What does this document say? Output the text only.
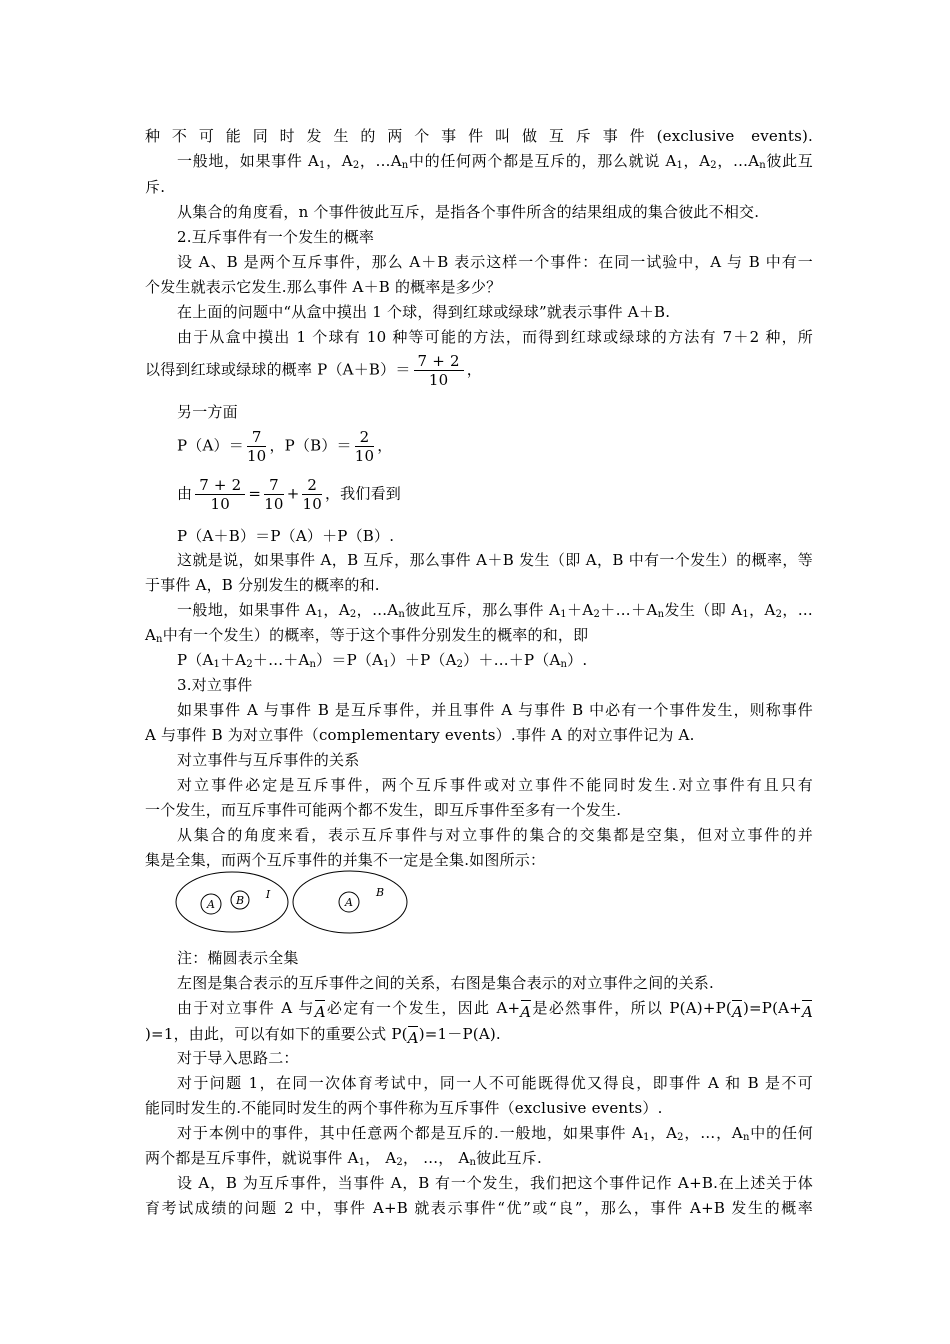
种不可能同时发生的两个事件叫做互斥事件(exclusive events).
一般地，如果事件 $A_1$，$A_2$，$\dots A_n$中的任何两个都是互斥的，那么就说 $A_1$，$A_2$，$\dots A_n$彼此互
斥.
从集合的角度看，n 个事件彼此互斥，是指各个事件所含的结果组成的集合彼此不相交.
2.互斥事件有一个发生的概率
设 A、B 是两个互斥事件，那么 A＋B 表示这样一个事件：在同一试验中，A 与 B 中有一
个发生就表示它发生.那么事件 A＋B 的概率是多少？
在上面的问题中“从盒中摸出 1 个球，得到红球或绿球”就表示事件 A＋B.
由于从盒中摸出 1 个球有 10 种等可能的方法，而得到红球或绿球的方法有 7＋2 种，所
以得到红球或绿球的概率 $P(A+B)= \frac{7 + 2}{10}$ ，
另一方面
$P(A)= \frac{7}{10}$ ，$P(B)= \frac{2}{10}$ ，
由 $\frac{7 + 2}{10} = \frac{7}{10} + \frac{2}{10}$ ，我们看到
P（A＋B）＝P（A）＋P（B）.
这就是说，如果事件 A，B 互斥，那么事件 A＋B 发生（即 A，B 中有一个发生）的概率，等
于事件 A，B 分别发生的概率的和.
一般地，如果事件 $A_1$，$A_2$，$\dots A_n$彼此互斥，那么事件 $A_1+A_2+\dots+A_n$发生（即 $A_1$，$A_2$，…
$A_n$中有一个发生）的概率，等于这个事件分别发生的概率的和，即
$P(A_1+A_2+\dots+A_n)=P(A_1)+P(A_2)+\dots+P(A_n)$.
3.对立事件
如果事件 A 与事件 B 是互斥事件，并且事件 A 与事件 B 中必有一个事件发生，则称事件
A 与事件 B 为对立事件（complementary events）.事件 A 的对立事件记为 A.
对立事件与互斥事件的关系
对立事件必定是互斥事件，两个互斥事件或对立事件不能同时发生.对立事件有且只有
一个发生，而互斥事件可能两个都不发生，即互斥事件至多有一个发生.
从集合的角度来看，表示互斥事件与对立事件的集合的交集都是空集，但对立事件的并
集是全集，而两个互斥事件的并集不一定是全集.如图所示：
A B I
A
B
注：椭圆表示全集
左图是集合表示的互斥事件之间的关系，右图是集合表示的对立事件之间的关系.
由于对立事件 A 与A必定有一个发生，因此 A+A是必然事件，所以 P(A)+P(A)=P(A+A
)=1，由此，可以有如下的重要公式 P(A)=1－P(A).
对于导入思路二：
对于问题 1，在同一次体育考试中，同一人不可能既得优又得良，即事件 A 和 B 是不可
能同时发生的.不能同时发生的两个事件称为互斥事件（exclusive events）.
对于本例中的事件，其中任意两个都是互斥的.一般地，如果事件 $A_1$，$A_2$，…，$A_n$中的任何
两个都是互斥事件，就说事件 $A_1$， $A_2$， …， $A_n$彼此互斥.
设 A，B 为互斥事件，当事件 A，B 有一个发生，我们把这个事件记作 A+B.在上述关于体
育考试成绩的问题 2 中，事件 A+B 就表示事件“优”或“良”，那么，事件 A+B 发生的概率
